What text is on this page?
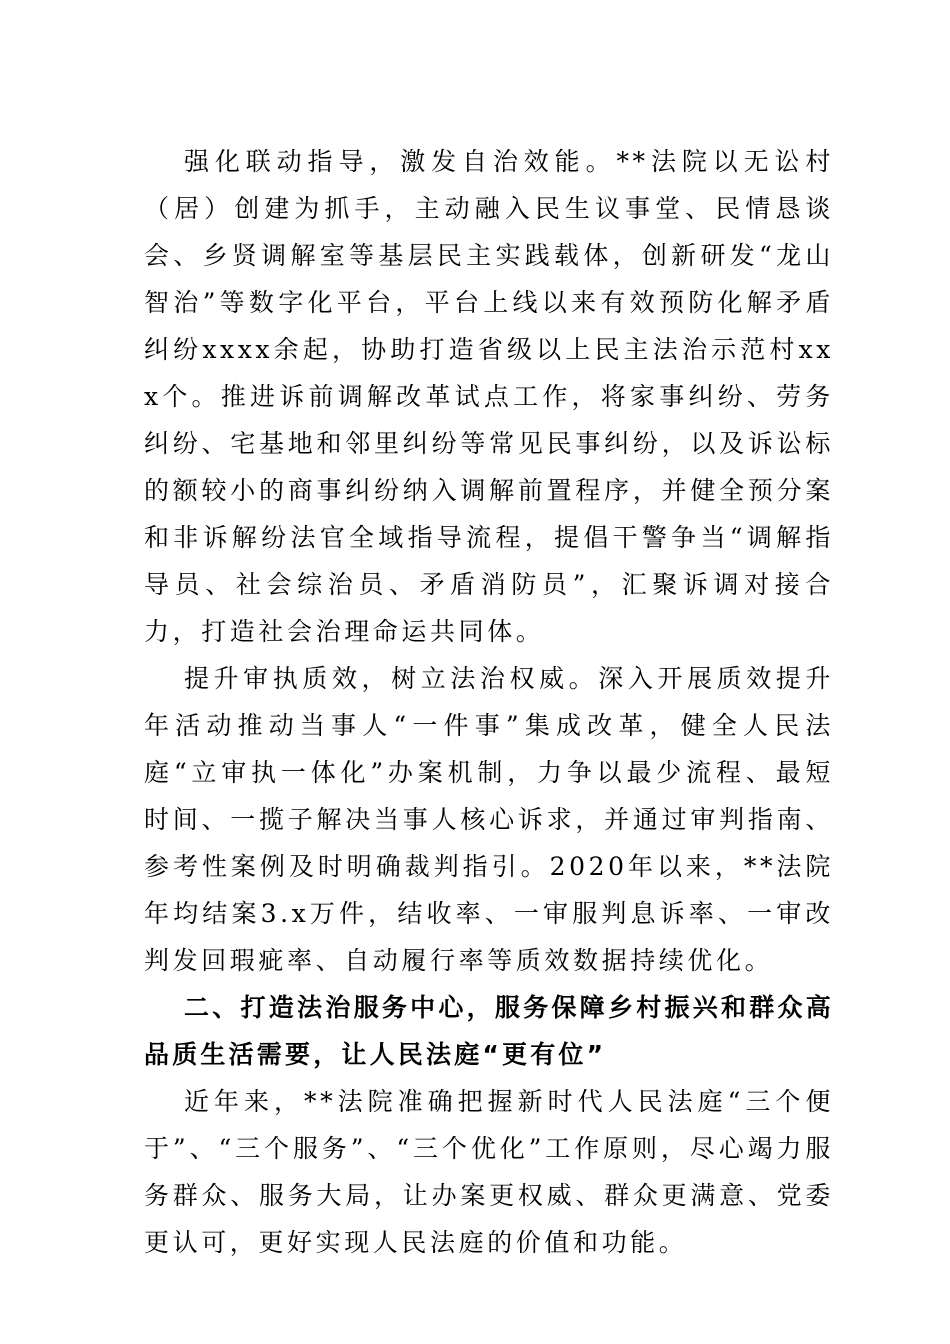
强化联动指导，激发自治效能。**法院以无讼村（居）创建为抓手，主动融入民生议事堂、民情恳谈会、乡贤调解室等基层民主实践载体，创新研发“龙山智治”等数字化平台，平台上线以来有效预防化解矛盾纠纷xxxx余起，协助打造省级以上民主法治示范村xxx个。推进诉前调解改革试点工作，将家事纠纷、劳务纠纷、宅基地和邻里纠纷等常见民事纠纷，以及诉讼标的额较小的商事纠纷纳入调解前置程序，并健全预分案和非诉解纷法官全域指导流程，提倡干警争当“调解指导员、社会综治员、矛盾消防员”，汇聚诉调对接合力，打造社会治理命运共同体。

提升审执质效，树立法治权威。深入开展质效提升年活动推动当事人“一件事”集成改革，健全人民法庭“立审执一体化”办案机制，力争以最少流程、最短时间、一揽子解决当事人核心诉求，并通过审判指南、参考性案例及时明确裁判指引。2020年以来，**法院年均结案3.x万件，结收率、一审服判息诉率、一审改判发回瑕疵率、自动履行率等质效数据持续优化。

二、打造法治服务中心，服务保障乡村振兴和群众高品质生活需要，让人民法庭“更有位”

近年来，**法院准确把握新时代人民法庭“三个便于”、“三个服务”、“三个优化”工作原则，尽心竭力服务群众、服务大局，让办案更权威、群众更满意、党委更认可，更好实现人民法庭的价值和功能。
